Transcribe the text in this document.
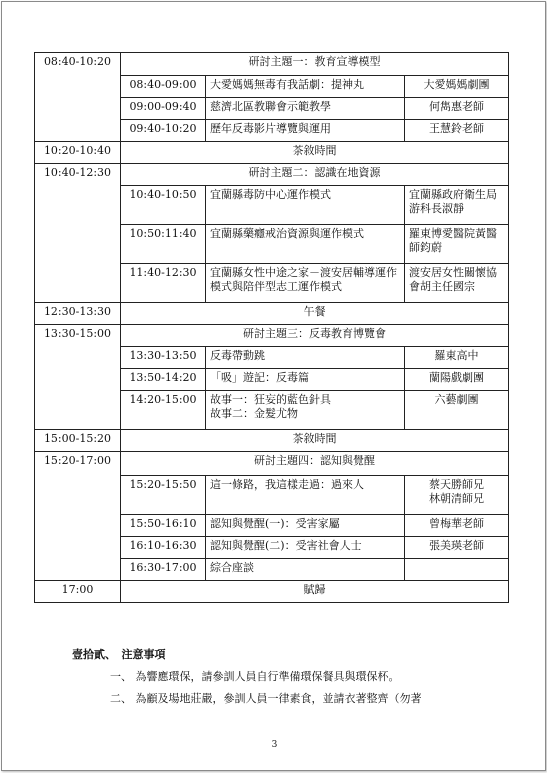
08:40-10:20	研討主題一：教育宣導模型		
	08:40-09:00	大愛媽媽無毒有我話劇：提神丸	大愛媽媽劇團
	09:00-09:40	慈濟北區教聯會示範教學	何雋惠老師
	09:40-10:20	歷年反毒影片導覽與運用	王慧鈴老師
10:20-10:40	茶敘時間		
10:40-12:30	研討主題二：認識在地資源		
	10:40-10:50	宜蘭縣毒防中心運作模式	宜蘭縣政府衛生局游科長淑靜
	10:50:11:40	宜蘭縣藥癮戒治資源與運作模式	羅東博愛醫院黃醫師鈞蔚
	11:40-12:30	宜蘭縣女性中途之家－渡安居輔導運作模式與陪伴型志工運作模式	渡安居女性關懷協會胡主任國宗
12:30-13:30	午餐		
13:30-15:00	研討主題三：反毒教育博覽會		
	13:30-13:50	反毒帶動跳	羅東高中
	13:50-14:20	「吸」遊記：反毒篇	蘭陽戲劇團
	14:20-15:00	故事一：狂妄的藍色針具
故事二：金髮尤物	六藝劇團
15:00-15:20	茶敘時間		
15:20-17:00	研討主題四：認知與覺醒		
	15:20-15:50	這一條路，我這樣走過：過來人	蔡天勝師兄
林朝清師兄

	15:50-16:10	認知與覺醒(一)：受害家屬	曾梅華老師
	16:10-16:30	認知與覺醒(二)：受害社會人士	張美瑛老師
	16:30-17:00	綜合座談	
17:00	賦歸		
壹拾貳、　注意事項
一、 為響應環保，請參訓人員自行準備環保餐具與環保杯。
二、 為顧及場地莊嚴，參訓人員一律素食，並請衣著整齊（勿著
3
